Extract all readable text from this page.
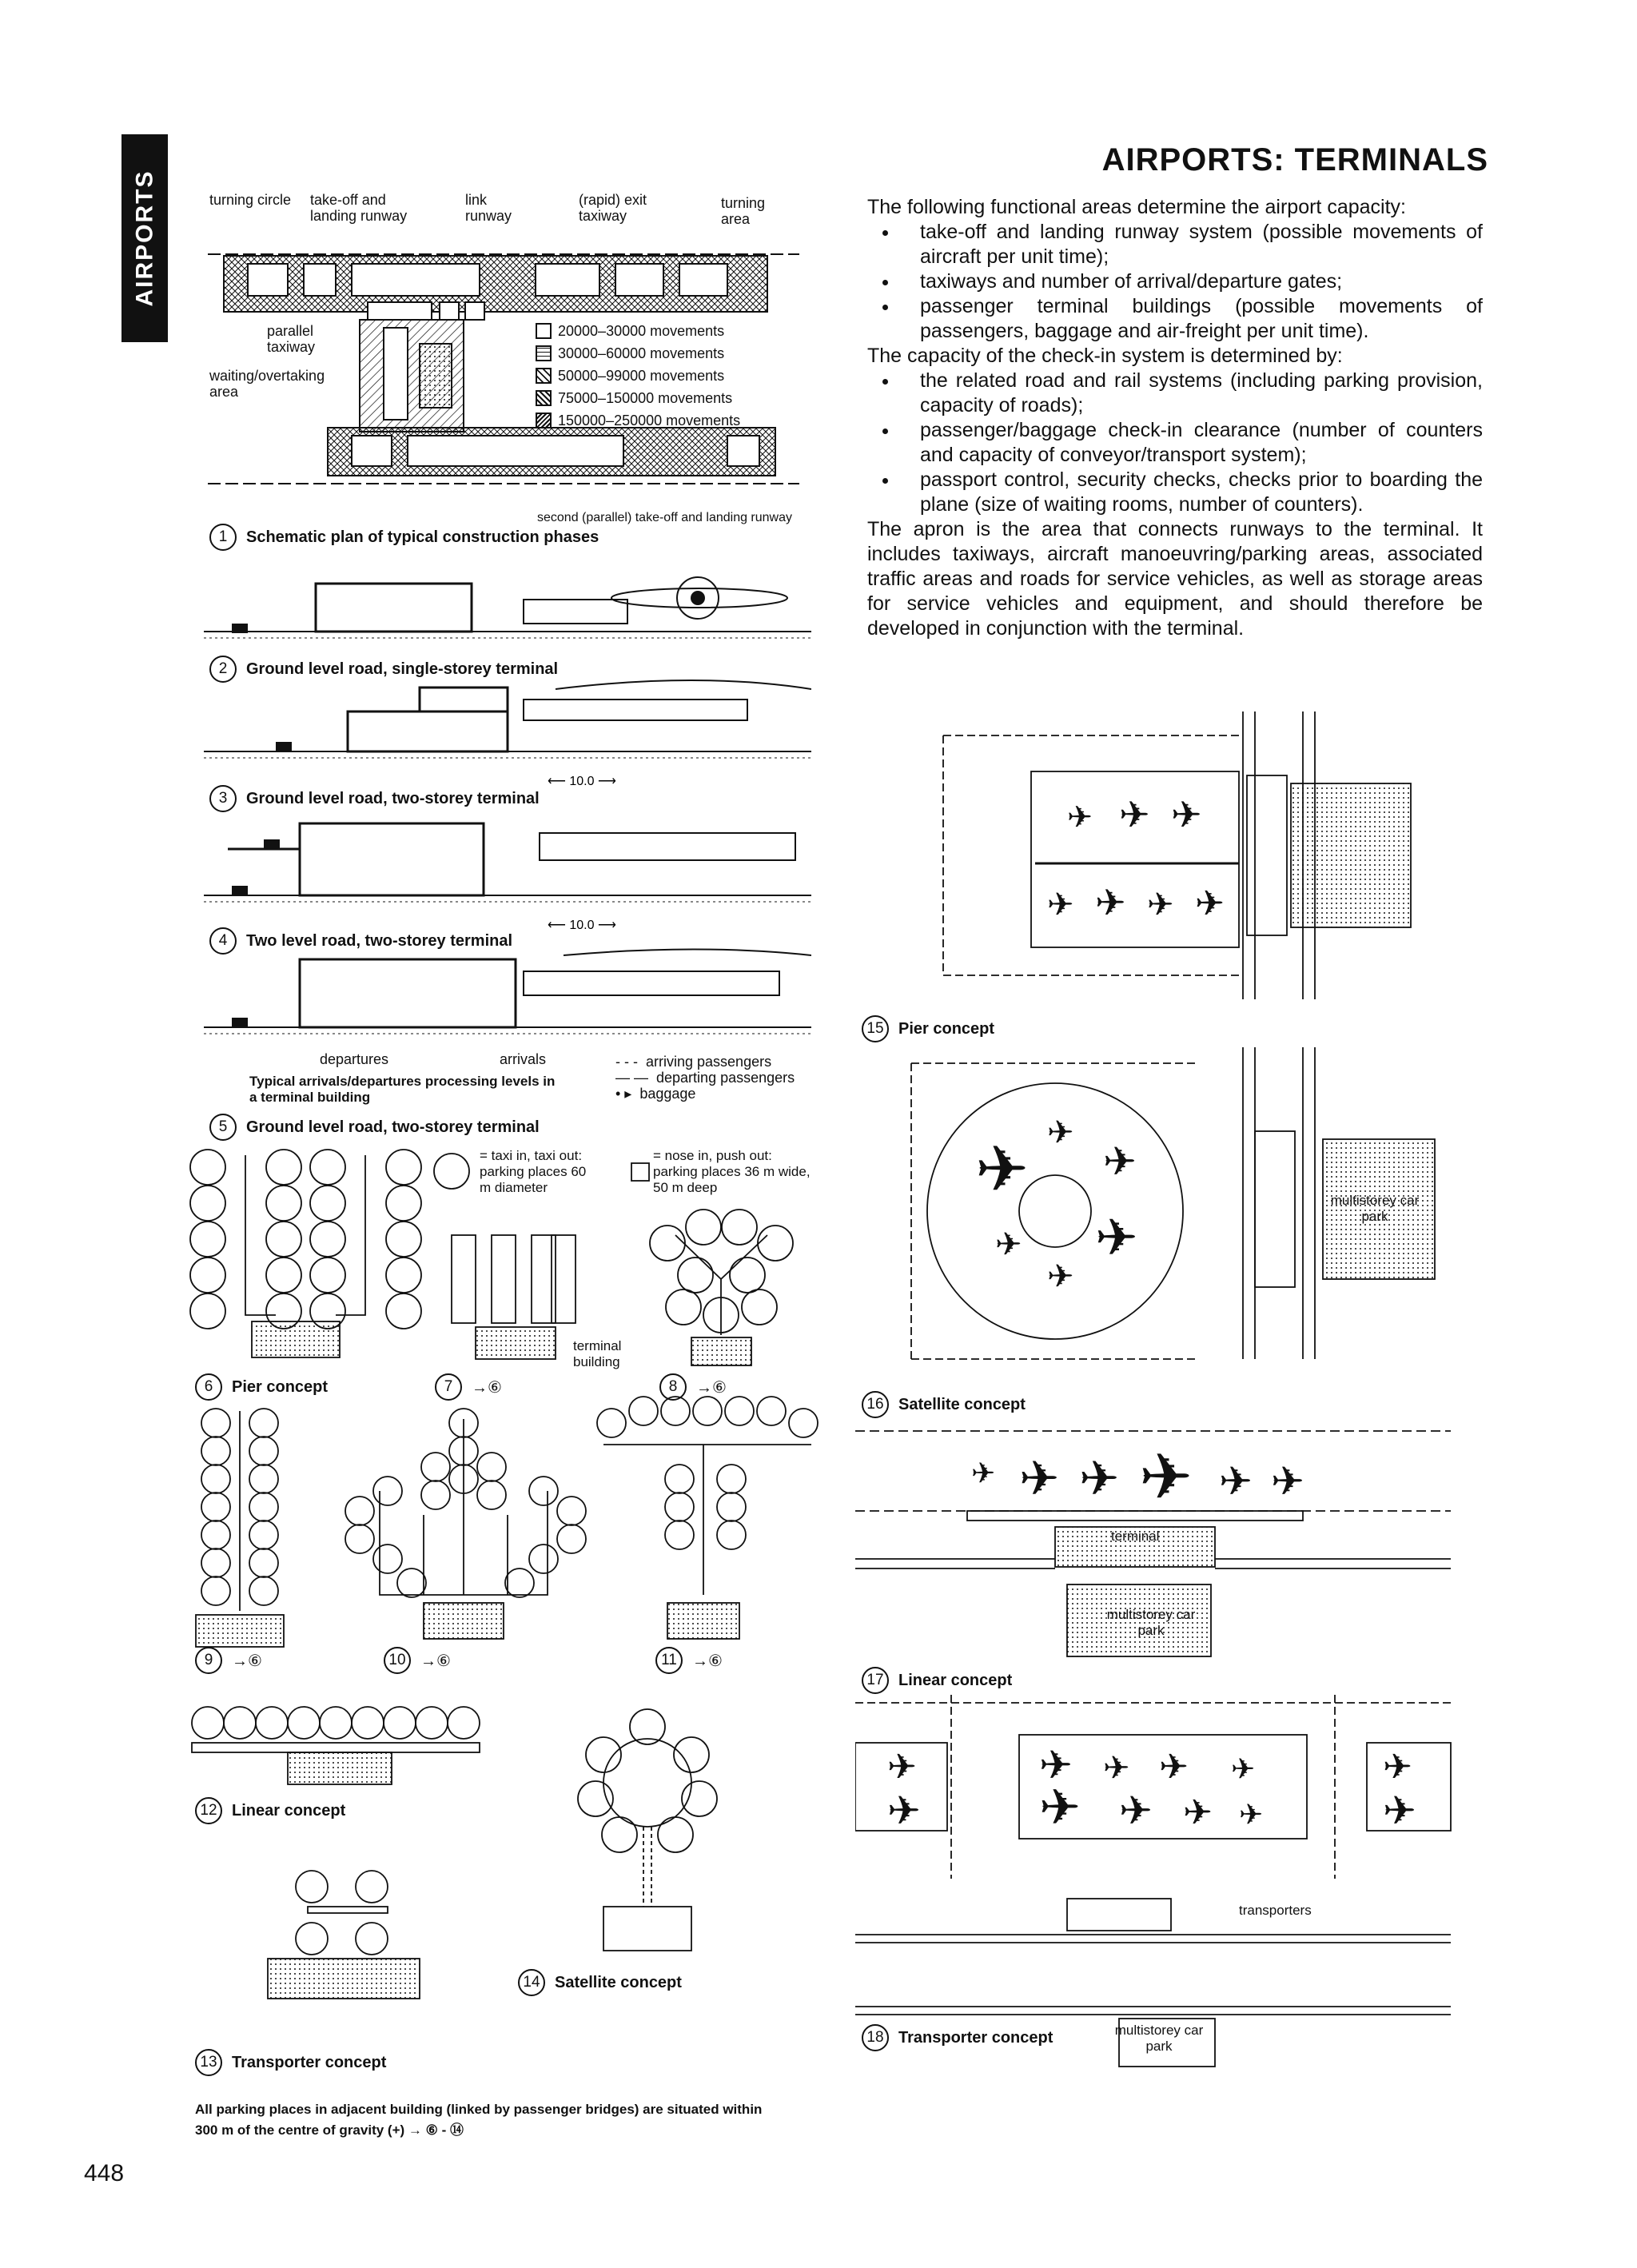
AIRPORTS
AIRPORTS: TERMINALS

The following functional areas determine the airport capacity:

• take-off and landing runway system (possible movements of aircraft per unit time);
• taxiways and number of arrival/departure gates;
• passenger terminal buildings (possible movements of passengers, baggage and air-freight per unit time).

The capacity of the check-in system is determined by:

• the related road and rail systems (including parking provision, capacity of roads);
• passenger/baggage check-in clearance (number of counters and capacity of conveyor/transport system);
• passport control, security checks, checks prior to boarding the plane (size of waiting rooms, number of counters).

The apron is the area that connects runways to the terminal. It includes taxiways, aircraft manoeuvring/parking areas, associated traffic areas and roads for service vehicles, as well as storage areas for service vehicles and equipment, and should therefore be developed in conjunction with the terminal.

turning circle take-off and landing runway
link runway
(rapid) exit taxiway
turning area
parallel taxiway
waiting/overtaking area
second (parallel) take-off and landing runway
20000–30000 movements
30000–60000 movements
50000–99000 movements
75000–150000 movements
150000–250000 movements
1	Schematic plan of typical construction phases
⟵ 10.0 ⟶
⟵ 10.0 ⟶
2	Ground level road, single-storey terminal
3	Ground level road, two-storey terminal
4	Two level road, two-storey terminal
departures	arrivals
Typical arrivals/departures processing levels in a terminal building
- - -  arriving passengers
— —  departing passengers
• ▸  baggage
5	Ground level road, two-storey terminal
6	Pier concept
= taxi in, taxi out: parking places 60 m diameter
= nose in, push out: parking places 36 m wide, 50 m deep
terminal building
7	→⑥	8	→⑥
9	→⑥	10 →⑥	11 →⑥
12 Linear concept
13 Transporter concept
14 Satellite concept
✈ ✈ ✈
✈ ✈ ✈ ✈
✈
✈
✈
✈
✈
✈
✈ ✈ ✈ ✈ ✈ ✈
✈
✈
✈ ✈ ✈ ✈
✈ ✈ ✈ ✈
✈
✈
15 Pier concept
multistorey car park
16 Satellite concept
terminal
multistorey car park
17 Linear concept
transporters
multistorey car park
18 Transporter concept
All parking places in adjacent building (linked by passenger bridges) are situated within 300 m of the centre of gravity (+) → ⑥ - ⑭
448
